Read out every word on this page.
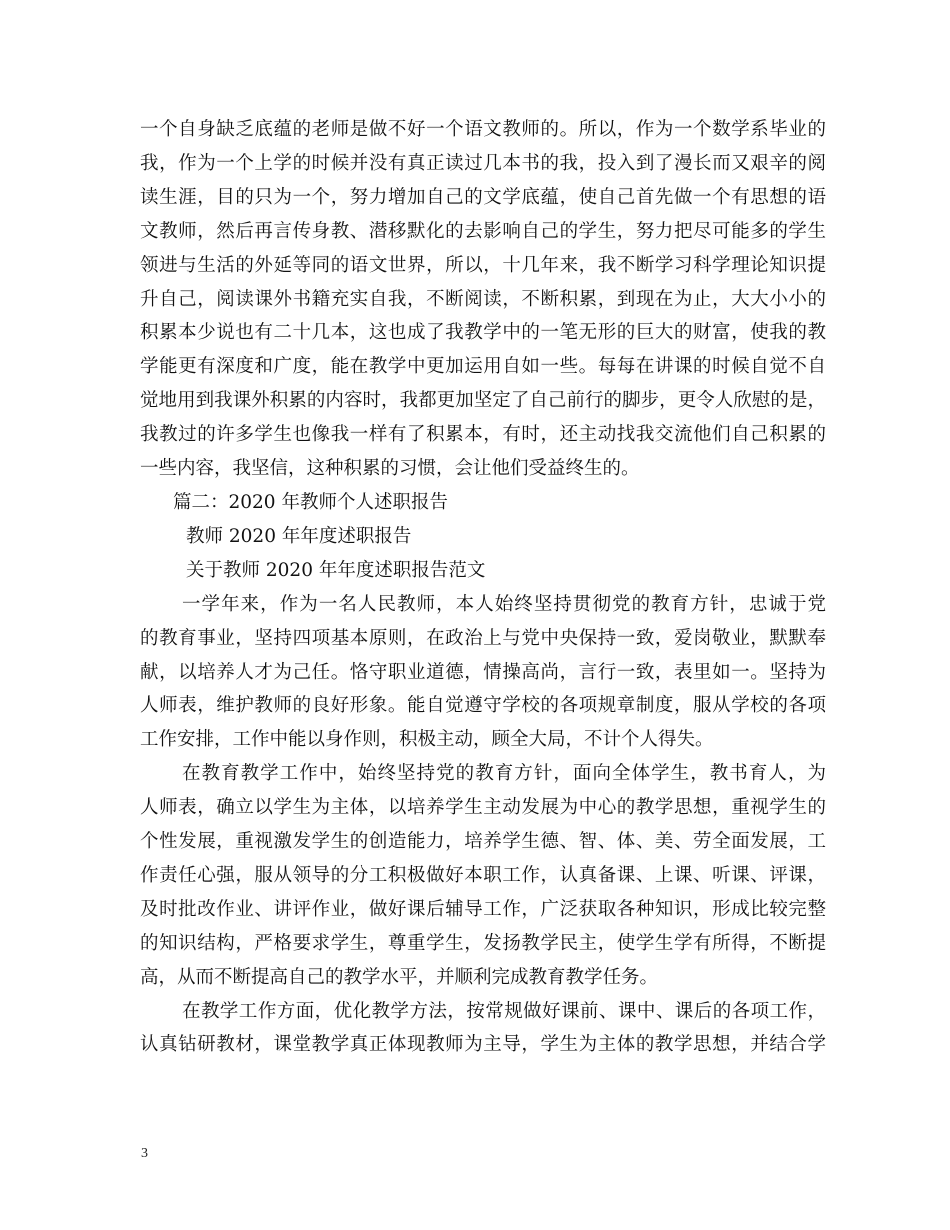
一个自身缺乏底蕴的老师是做不好一个语文教师的。所以，作为一个数学系毕业的
我，作为一个上学的时候并没有真正读过几本书的我，投入到了漫长而又艰辛的阅
读生涯，目的只为一个，努力增加自己的文学底蕴，使自己首先做一个有思想的语
文教师，然后再言传身教、潜移默化的去影响自己的学生，努力把尽可能多的学生
领进与生活的外延等同的语文世界，所以，十几年来，我不断学习科学理论知识提
升自己，阅读课外书籍充实自我，不断阅读，不断积累，到现在为止，大大小小的
积累本少说也有二十几本，这也成了我教学中的一笔无形的巨大的财富，使我的教
学能更有深度和广度，能在教学中更加运用自如一些。每每在讲课的时候自觉不自
觉地用到我课外积累的内容时，我都更加坚定了自己前行的脚步，更令人欣慰的是，
我教过的许多学生也像我一样有了积累本，有时，还主动找我交流他们自己积累的
一些内容，我坚信，这种积累的习惯，会让他们受益终生的。
篇二：2020 年教师个人述职报告
教师 2020 年年度述职报告
关于教师 2020 年年度述职报告范文
一学年来，作为一名人民教师，本人始终坚持贯彻党的教育方针，忠诚于党
的教育事业，坚持四项基本原则，在政治上与党中央保持一致，爱岗敬业，默默奉
献，以培养人才为己任。恪守职业道德，情操高尚，言行一致，表里如一。坚持为
人师表，维护教师的良好形象。能自觉遵守学校的各项规章制度，服从学校的各项
工作安排，工作中能以身作则，积极主动，顾全大局，不计个人得失。
在教育教学工作中，始终坚持党的教育方针，面向全体学生，教书育人，为
人师表，确立以学生为主体，以培养学生主动发展为中心的教学思想，重视学生的
个性发展，重视激发学生的创造能力，培养学生德、智、体、美、劳全面发展，工
作责任心强，服从领导的分工积极做好本职工作，认真备课、上课、听课、评课，
及时批改作业、讲评作业，做好课后辅导工作，广泛获取各种知识，形成比较完整
的知识结构，严格要求学生，尊重学生，发扬教学民主，使学生学有所得，不断提
高，从而不断提高自己的教学水平，并顺利完成教育教学任务。
在教学工作方面，优化教学方法，按常规做好课前、课中、课后的各项工作，
认真钻研教材，课堂教学真正体现教师为主导，学生为主体的教学思想，并结合学
3
